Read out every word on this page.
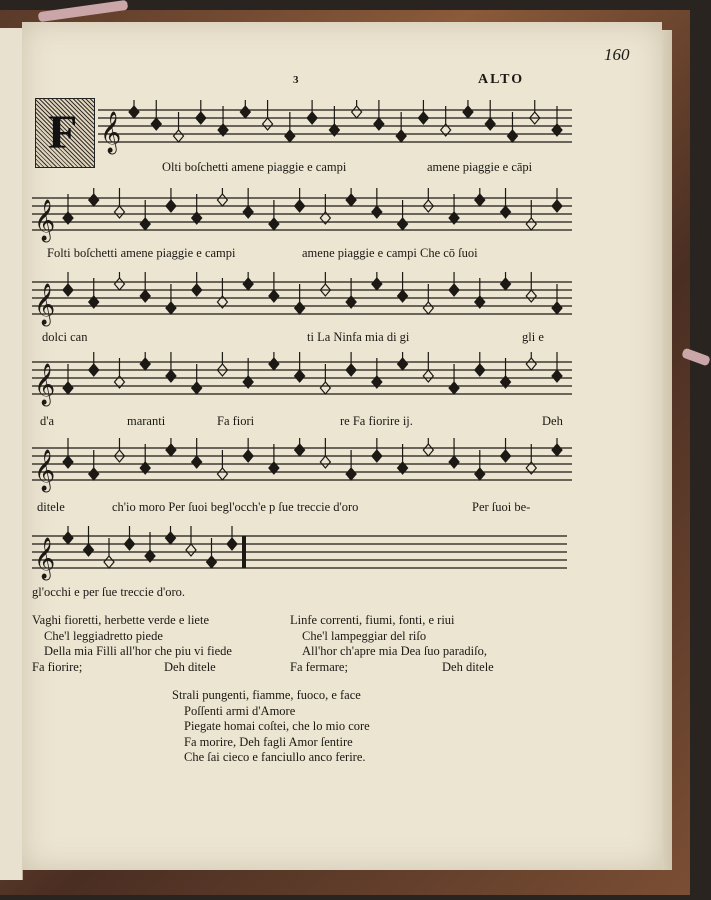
3	ALTO
160
F 𝄞
Olti boſchetti amene piaggie e campi	amene piaggie e cāpi
𝄞
Folti boſchetti amene piaggie e campi	amene piaggie e campi Che cō ſuoi
𝄞
dolci can	ti La Ninfa mia di gi	gli e
𝄞
d'a	maranti	Fa fiori	re Fa fiorire ij.	Deh
𝄞
ditele	ch'io moro Per ſuoi begl'occh'e p ſue treccie d'oro	Per ſuoi be-
𝄞
gl'occhi e per ſue treccie d'oro.
Vaghi fioretti, herbette verde e liete
Che'l leggiadretto piede
Della mia Filli all'hor che piu vi fiede
Fa fiorire;	Deh ditele
Linfe correnti, fiumi, fonti, e riui
Che'l lampeggiar del riſo
All'hor ch'apre mia Dea ſuo paradiſo,
Fa fermare;	Deh ditele
Strali pungenti, fiamme, fuoco, e face
Poſſenti armi d'Amore
Piegate homai coſtei, che lo mio core
Fa morire, Deh fagli Amor ſentire
Che ſai cieco e fanciullo anco ferire.
